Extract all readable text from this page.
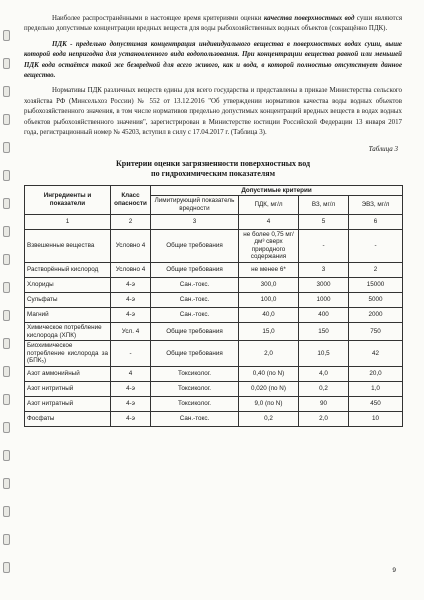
Наиболее распространёнными в настоящее время критериями оценки качества поверхностных вод суши являются предельно допустимые концентрации вредных веществ для воды рыбохозяйственных водных объектов (сокращённо ПДК).

ПДК - предельно допустимая концентрация индивидуального вещества в поверхностных водах суши, выше которой вода непригодна для установленного вида водопользования. При концентрации вещества равной или меньшей ПДК вода остаётся такой же безвредной для всего живого, как и вода, в которой полностью отсутствует данное вещество.

Нормативы ПДК различных веществ едины для всего государства и представлены в приказе Министерства сельского хозяйства РФ (Минсельхоз России) № 552 от 13.12.2016 "Об утверждении нормативов качества воды водных объектов рыбохозяйственного значения, в том числе нормативов предельно допустимых концентраций вредных веществ в водах водных объектов рыбохозяйственного значения", зарегистрирован в Министерстве юстиции Российской Федерации 13 января 2017 года, регистрационный номер № 45203, вступил в силу с 17.04.2017 г. (Таблица 3).

Таблица 3
Критерии оценки загрязненности поверхностных вод
по гидрохимическим показателям
Ингредиенты и показатели	Класс опасности	Допустимые критерии			
		Лимитирующий показатель вредности	ПДК, мг/л	ВЗ, мг/л	ЭВЗ, мг/л
1	2	3	4	5	6
Взвешенные вещества	Условно 4	Общие требования	не более 0,75 мг/дм³ сверх природного содержания	-	-
Растворённый кислород	Условно 4	Общие требования	не менее 6*	3	2
Хлориды	4-э	Сан.-токс.	300,0	3000	15000
Сульфаты	4-э	Сан.-токс.	100,0	1000	5000
Магний	4-э	Сан.-токс.	40,0	400	2000
Химическое потребление кислорода (ХПК)	Усл. 4	Общие требования	15,0	150	750
Биохимическое потребление кислорода за (БПК₅)	-	Общие требования	2,0	10,5	42
Азот аммонийный	4	Токсиколог.	0,40 (по N)	4,0	20,0
Азот нитритный	4-э	Токсиколог.	0,020 (по N)	0,2	1,0
Азот нитратный	4-э	Токсиколог.	9,0 (по N)	90	450
Фосфаты	4-э	Сан.-токс.	0,2	2,0	10
9
